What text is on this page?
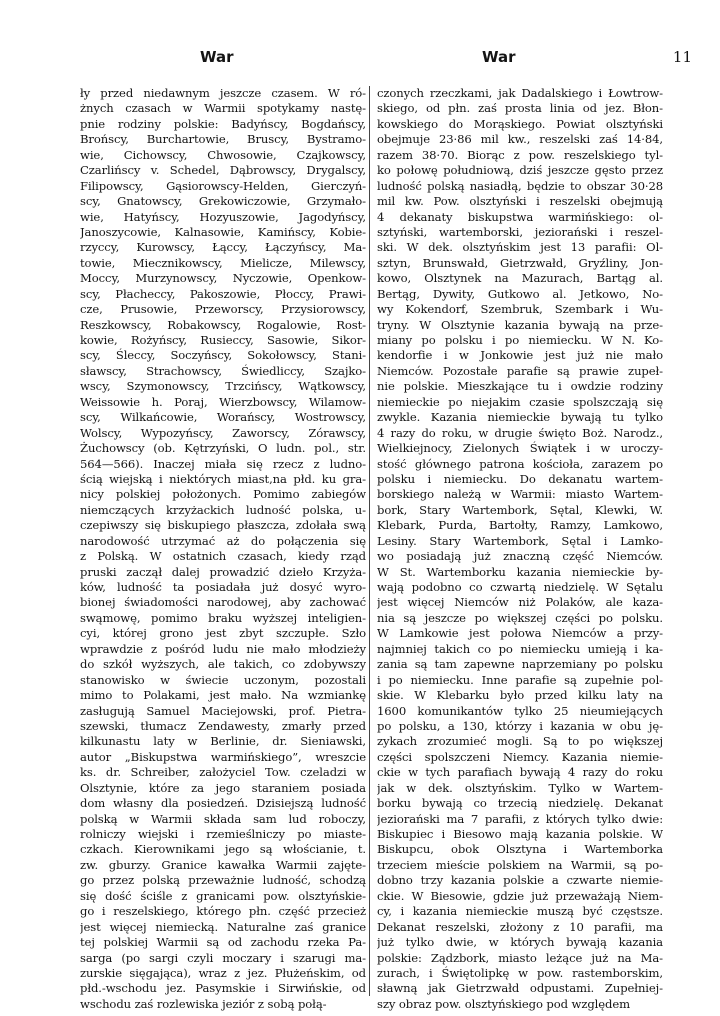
War	War	11
ły przed niedawnym jeszcze czasem. W ró-
żnych czasach w Warmii spotykamy nastę-
pnie rodziny polskie: Badyńscy, Bogdańscy,
Brońscy, Burchartowie, Bruscy, Bystramo-
wie, Cichowscy, Chwosowie, Czajkowscy,
Czarlińscy v. Schedel, Dąbrowscy, Drygalscy,
Filipowscy, Gąsiorowscy-Helden, Gierczyń-
scy, Gnatowscy, Grekowiczowie, Grzymało-
wie, Hatyńscy, Hozyuszowie, Jagodyńscy,
Janoszycowie, Kalnasowie, Kamińscy, Kobie-
rzyccy, Kurowscy, Łąccy, Łączyńscy, Ma-
towie, Miecznikowscy, Mielicze, Milewscy,
Moccy, Murzynowscy, Nyczowie, Openkow-
scy, Płacheccy, Pakoszowie, Płoccy, Prawi-
cze, Prusowie, Przeworscy, Przysiorowscy,
Reszkowscy, Robakowscy, Rogalowie, Rost-
kowie, Rożyńscy, Rusieccy, Sasowie, Sikor-
scy, Śleccy, Soczyńscy, Sokołowscy, Stani-
sławscy, Strachowscy, Świedliccy, Szajko-
wscy, Szymonowscy, Trzcińscy, Wątkowscy,
Weissowie h. Poraj, Wierzbowscy, Wilamow-
scy, Wilkańcowie, Worańscy, Wostrowscy,
Wolscy, Wypozyńscy, Zaworscy, Zórawscy,
Żuchowscy (ob. Kętrzyński, O ludn. pol., str.
564—566). Inaczej miała się rzecz z ludno-
ścią wiejską i niektórych miast,na płd. ku gra-
nicy polskiej położonych. Pomimo zabiegów
niemczących krzyżackich ludność polska, u-
czepiwszy się biskupiego płaszcza, zdołała swą
narodowość utrzymać aż do połączenia się
z Polską. W ostatnich czasach, kiedy rząd
pruski zaczął dalej prowadzić dzieło Krzyża-
ków, ludność ta posiadała już dosyć wyro-
bionej świadomości narodowej, aby zachować
swąmowę, pomimo braku wyższej inteligien-
cyi, której grono jest zbyt szczupłe. Szło
wprawdzie z pośród ludu nie mało młodzieży
do szkół wyższych, ale takich, co zdobywszy
stanowisko w świecie uczonym, pozostali
mimo to Polakami, jest mało. Na wzmiankę
zasługują Samuel Maciejowski, prof. Pietra-
szewski, tłumacz Zendawesty, zmarły przed
kilkunastu laty w Berlinie, dr. Sieniawski,
autor „Biskupstwa warmińskiego”, wreszcie
ks. dr. Schreiber, założyciel Tow. czeladzi w
Olsztynie, które za jego staraniem posiada
dom własny dla posiedzeń. Dzisiejszą ludność
polską w Warmii składa sam lud roboczy,
rolniczy wiejski i rzemieślniczy po miaste-
czkach. Kierownikami jego są włościanie, t.
zw. gburzy. Granice kawałka Warmii zajęte-
go przez polską przeważnie ludność, schodzą
się dość ściśle z granicami pow. olsztyńskie-
go i reszelskiego, którego płn. część przecież
jest więcej niemiecką. Naturalne zaś granice
tej polskiej Warmii są od zachodu rzeka Pa-
sarga (po sargi czyli moczary i szarugi ma-
zurskie sięgająca), wraz z jez. Płużeńskim, od
płd.-wschodu jez. Pasymskie i Sirwińskie, od
wschodu zaś rozlewiska jeziór z sobą połą-
czonych rzeczkami, jak Dadalskiego i Łowtrow-
skiego, od płn. zaś prosta linia od jez. Błon-
kowskiego do Morąskiego. Powiat olsztyński
obejmuje 23·86 mil kw., reszelski zaś 14·84,
razem 38·70. Biorąc z pow. reszelskiego tyl-
ko połowę południową, dziś jeszcze gęsto przez
ludność polską nasiadłą, będzie to obszar 30·28
mil kw. Pow. olsztyński i reszelski obejmują
4 dekanaty biskupstwa warmińskiego: ol-
sztyński, wartemborski, jeziorański i reszel-
ski. W dek. olsztyńskim jest 13 parafii: Ol-
sztyn, Brunswałd, Gietrzwałd, Gryźliny, Jon-
kowo, Olsztynek na Mazurach, Bartąg al.
Bertąg, Dywity, Gutkowo al. Jetkowo, No-
wy Kokendorf, Szembruk, Szembark i Wu-
tryny. W Olsztynie kazania bywają na prze-
miany po polsku i po niemiecku. W N. Ko-
kendorfie i w Jonkowie jest już nie mało
Niemców. Pozostałe parafie są prawie zupeł-
nie polskie. Mieszkające tu i owdzie rodziny
niemieckie po niejakim czasie spolszczają się
zwykle. Kazania niemieckie bywają tu tylko
4 razy do roku, w drugie święto Boż. Narodz.,
Wielkiejnocy, Zielonych Świątek i w uroczy-
stość głównego patrona kościoła, zarazem po
polsku i niemiecku. Do dekanatu wartem-
borskiego należą w Warmii: miasto Wartem-
bork, Stary Wartembork, Sętal, Klewki, W.
Klebark, Purda, Bartołty, Ramzy, Lamkowo,
Lesiny. Stary Wartembork, Sętal i Lamko-
wo posiadają już znaczną część Niemców.
W St. Wartemborku kazania niemieckie by-
wają podobno co czwartą niedzielę. W Sętalu
jest więcej Niemców niż Polaków, ale kaza-
nia są jeszcze po większej części po polsku.
W Lamkowie jest połowa Niemców a przy-
najmniej takich co po niemiecku umieją i ka-
zania są tam zapewne naprzemiany po polsku
i po niemiecku. Inne parafie są zupełnie pol-
skie. W Klebarku było przed kilku laty na
1600 komunikantów tylko 25 nieumiejących
po polsku, a 130, którzy i kazania w obu ję-
zykach zrozumieć mogli. Są to po większej
części spolszczeni Niemcy. Kazania niemie-
ckie w tych parafiach bywają 4 razy do roku
jak w dek. olsztyńskim. Tylko w Wartem-
borku bywają co trzecią niedzielę. Dekanat
jeziorański ma 7 parafii, z których tylko dwie:
Biskupiec i Biesowo mają kazania polskie. W
Biskupcu, obok Olsztyna i Wartemborka
trzeciem mieście polskiem na Warmii, są po-
dobno trzy kazania polskie a czwarte niemie-
ckie. W Biesowie, gdzie już przeważają Niem-
cy, i kazania niemieckie muszą być częstsze.
Dekanat reszelski, złożony z 10 parafii, ma
już tylko dwie, w których bywają kazania
polskie: Ządzbork, miasto leżące już na Ma-
zurach, i Świętolipkę w pow. rastemborskim,
sławną jak Gietrzwałd odpustami. Zupełniej-
szy obraz pow. olsztyńskiego pod względem
